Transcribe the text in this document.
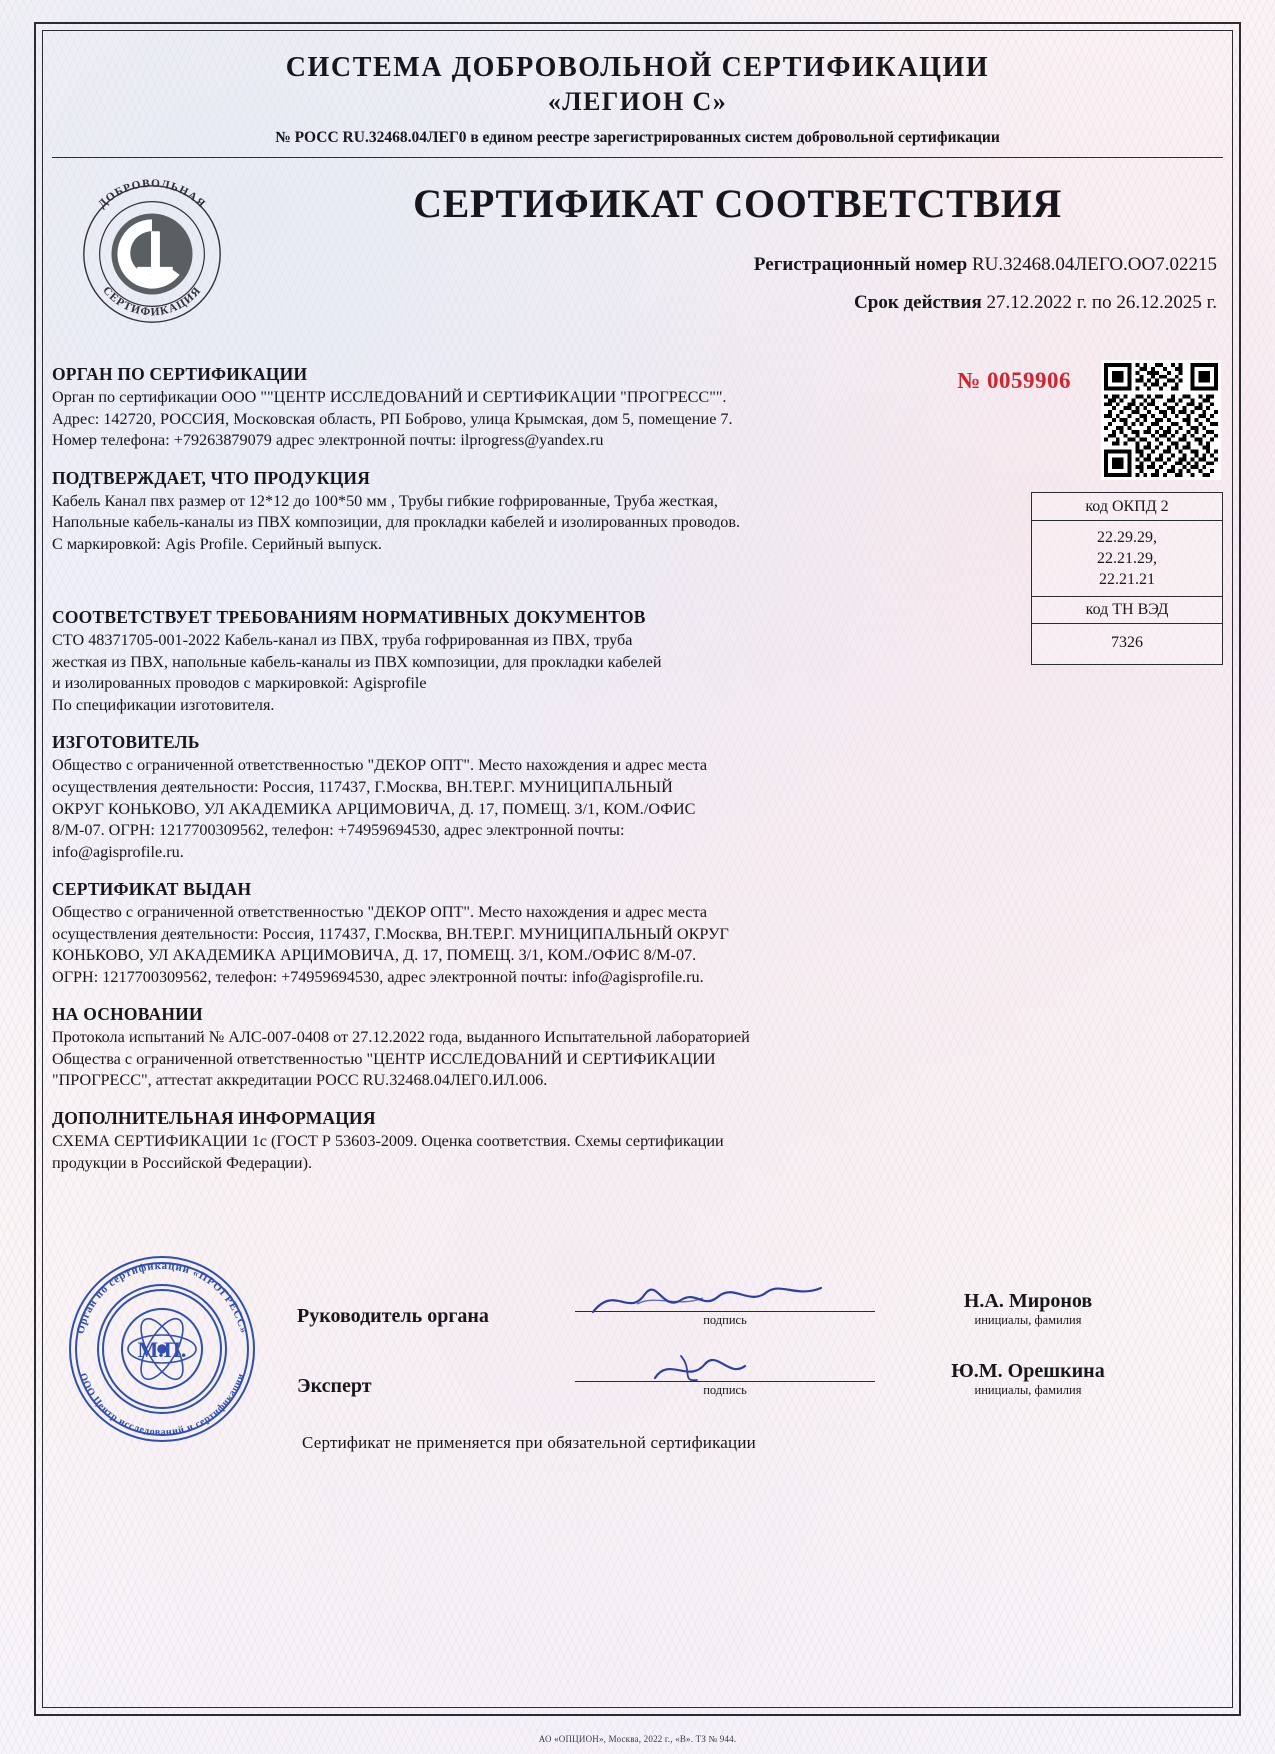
СИСТЕМА ДОБРОВОЛЬНОЙ СЕРТИФИКАЦИИ
«ЛЕГИОН С»
№ РОСС RU.32468.04ЛЕГ0 в едином реестре зарегистрированных систем добровольной сертификации
ДОБРОВОЛЬНАЯ
СЕРТИФИКАЦИЯ
СЕРТИФИКАТ СООТВЕТСТВИЯ
Регистрационный номер RU.32468.04ЛЕГО.ОО7.02215
Срок действия 27.12.2022 г. по 26.12.2025 г.
№ 0059906
ОРГАН ПО СЕРТИФИКАЦИИ

Орган по сертификации ООО ""ЦЕНТР ИССЛЕДОВАНИЙ И СЕРТИФИКАЦИИ "ПРОГРЕСС"".

Адрес: 142720, РОССИЯ, Московская область, РП Боброво, улица Крымская, дом 5, помещение 7.

Номер телефона: +79263879079 адрес электронной почты: ilprogress@yandex.ru

ПОДТВЕРЖДАЕТ, ЧТО ПРОДУКЦИЯ

Кабель Канал пвх размер от 12*12 до 100*50 мм , Трубы гибкие гофрированные, Труба жесткая,

Напольные кабель-каналы из ПВХ композиции, для прокладки кабелей и изолированных проводов.

С маркировкой: Agis Profile. Серийный выпуск.

код ОКПД 2
22.29.29,
22.21.29,
22.21.21
код ТН ВЭД
7326
СООТВЕТСТВУЕТ ТРЕБОВАНИЯМ НОРМАТИВНЫХ ДОКУМЕНТОВ

СТО 48371705-001-2022 Кабель-канал из ПВХ, труба гофрированная из ПВХ, труба

жесткая из ПВХ, напольные кабель-каналы из ПВХ композиции, для прокладки кабелей

и изолированных проводов с маркировкой: Agisprofile

По спецификации изготовителя.

ИЗГОТОВИТЕЛЬ

Общество с ограниченной ответственностью "ДЕКОР ОПТ". Место нахождения и адрес места

осуществления деятельности: Россия, 117437, Г.Москва, ВН.ТЕР.Г. МУНИЦИПАЛЬНЫЙ

ОКРУГ КОНЬКОВО, УЛ АКАДЕМИКА АРЦИМОВИЧА, Д. 17, ПОМЕЩ. 3/1, КОМ./ОФИС

8/М-07. ОГРН: 1217700309562, телефон: +74959694530, адрес электронной почты:

info@agisprofile.ru.

СЕРТИФИКАТ ВЫДАН

Общество с ограниченной ответственностью "ДЕКОР ОПТ". Место нахождения и адрес места

осуществления деятельности: Россия, 117437, Г.Москва, ВН.ТЕР.Г. МУНИЦИПАЛЬНЫЙ ОКРУГ

КОНЬКОВО, УЛ АКАДЕМИКА АРЦИМОВИЧА, Д. 17, ПОМЕЩ. 3/1, КОМ./ОФИС 8/М-07.

ОГРН: 1217700309562, телефон: +74959694530, адрес электронной почты: info@agisprofile.ru.

НА ОСНОВАНИИ

Протокола испытаний № АЛС-007-0408 от 27.12.2022 года, выданного Испытательной лабораторией

Общества с ограниченной ответственностью "ЦЕНТР ИССЛЕДОВАНИЙ И СЕРТИФИКАЦИИ

"ПРОГРЕСС", аттестат аккредитации РОСС RU.32468.04ЛЕГ0.ИЛ.006.

ДОПОЛНИТЕЛЬНАЯ ИНФОРМАЦИЯ

СХЕМА СЕРТИФИКАЦИИ 1с (ГОСТ Р 53603-2009. Оценка соответствия. Схемы сертификации

продукции в Российской Федерации).

Орган по сертификации «ПРОГРЕСС»
ООО Центр исследований и сертификации
М.П.
Руководитель органа	подпись
Н.А. Миронов
инициалы, фамилия
Эксперт	подпись
Ю.М. Орешкина
инициалы, фамилия
Сертификат не применяется при обязательной сертификации
АО «ОПЦИОН», Москва, 2022 г., «В». ТЗ № 944.
